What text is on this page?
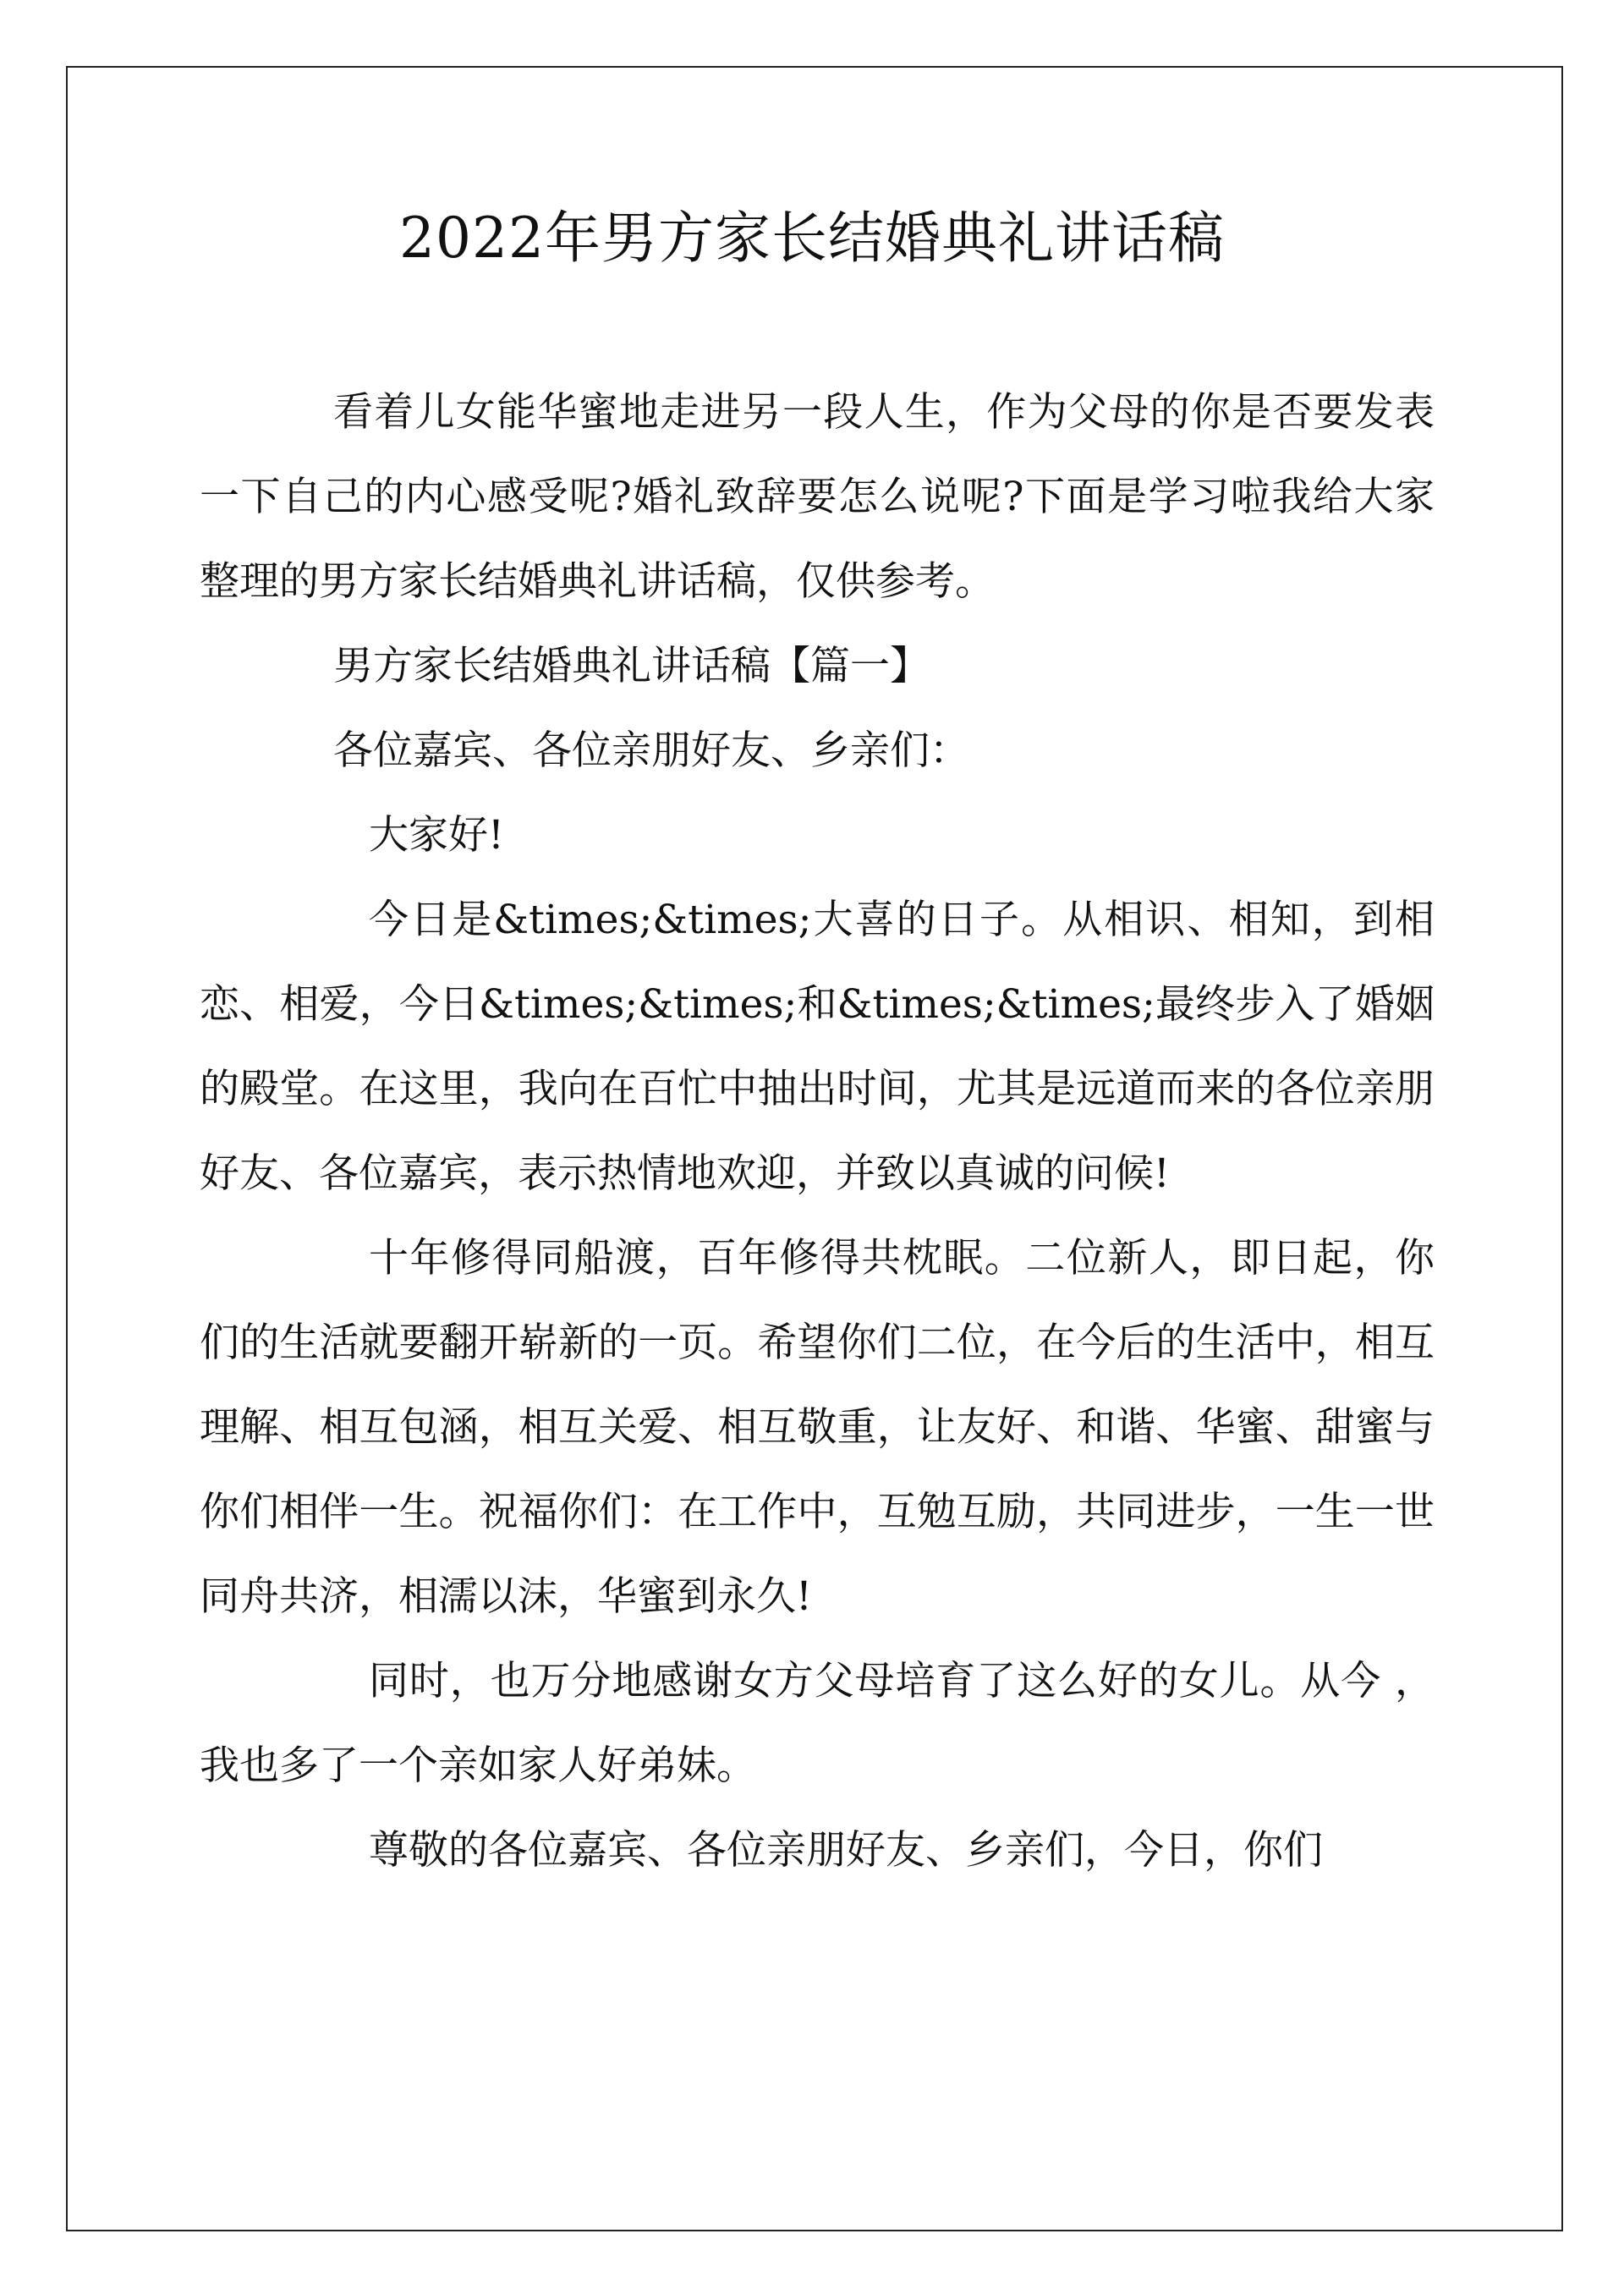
2022年男方家长结婚典礼讲话稿

看着儿女能华蜜地走进另一段人生，作为父母的你是否要发表一下自己的内心感受呢?婚礼致辞要怎么说呢?下面是学习啦我给大家整理的男方家长结婚典礼讲话稿，仅供参考。

男方家长结婚典礼讲话稿【篇一】

各位嘉宾、各位亲朋好友、乡亲们：

大家好!

今日是&times;&times;大喜的日子。从相识、相知，到相恋、相爱，今日&times;&times;和&times;&times;最终步入了婚姻的殿堂。在这里，我向在百忙中抽出时间，尤其是远道而来的各位亲朋好友、各位嘉宾，表示热情地欢迎，并致以真诚的问候!

十年修得同船渡，百年修得共枕眠。二位新人，即日起，你们的生活就要翻开崭新的一页。希望你们二位，在今后的生活中，相互理解、相互包涵，相互关爱、相互敬重，让友好、和谐、华蜜、甜蜜与你们相伴一生。祝福你们：在工作中，互勉互励，共同进步，一生一世同舟共济，相濡以沫，华蜜到永久!

同时，也万分地感谢女方父母培育了这么好的女儿。从今 ，我也多了一个亲如家人好弟妹。

尊敬的各位嘉宾、各位亲朋好友、乡亲们，今日，你们
